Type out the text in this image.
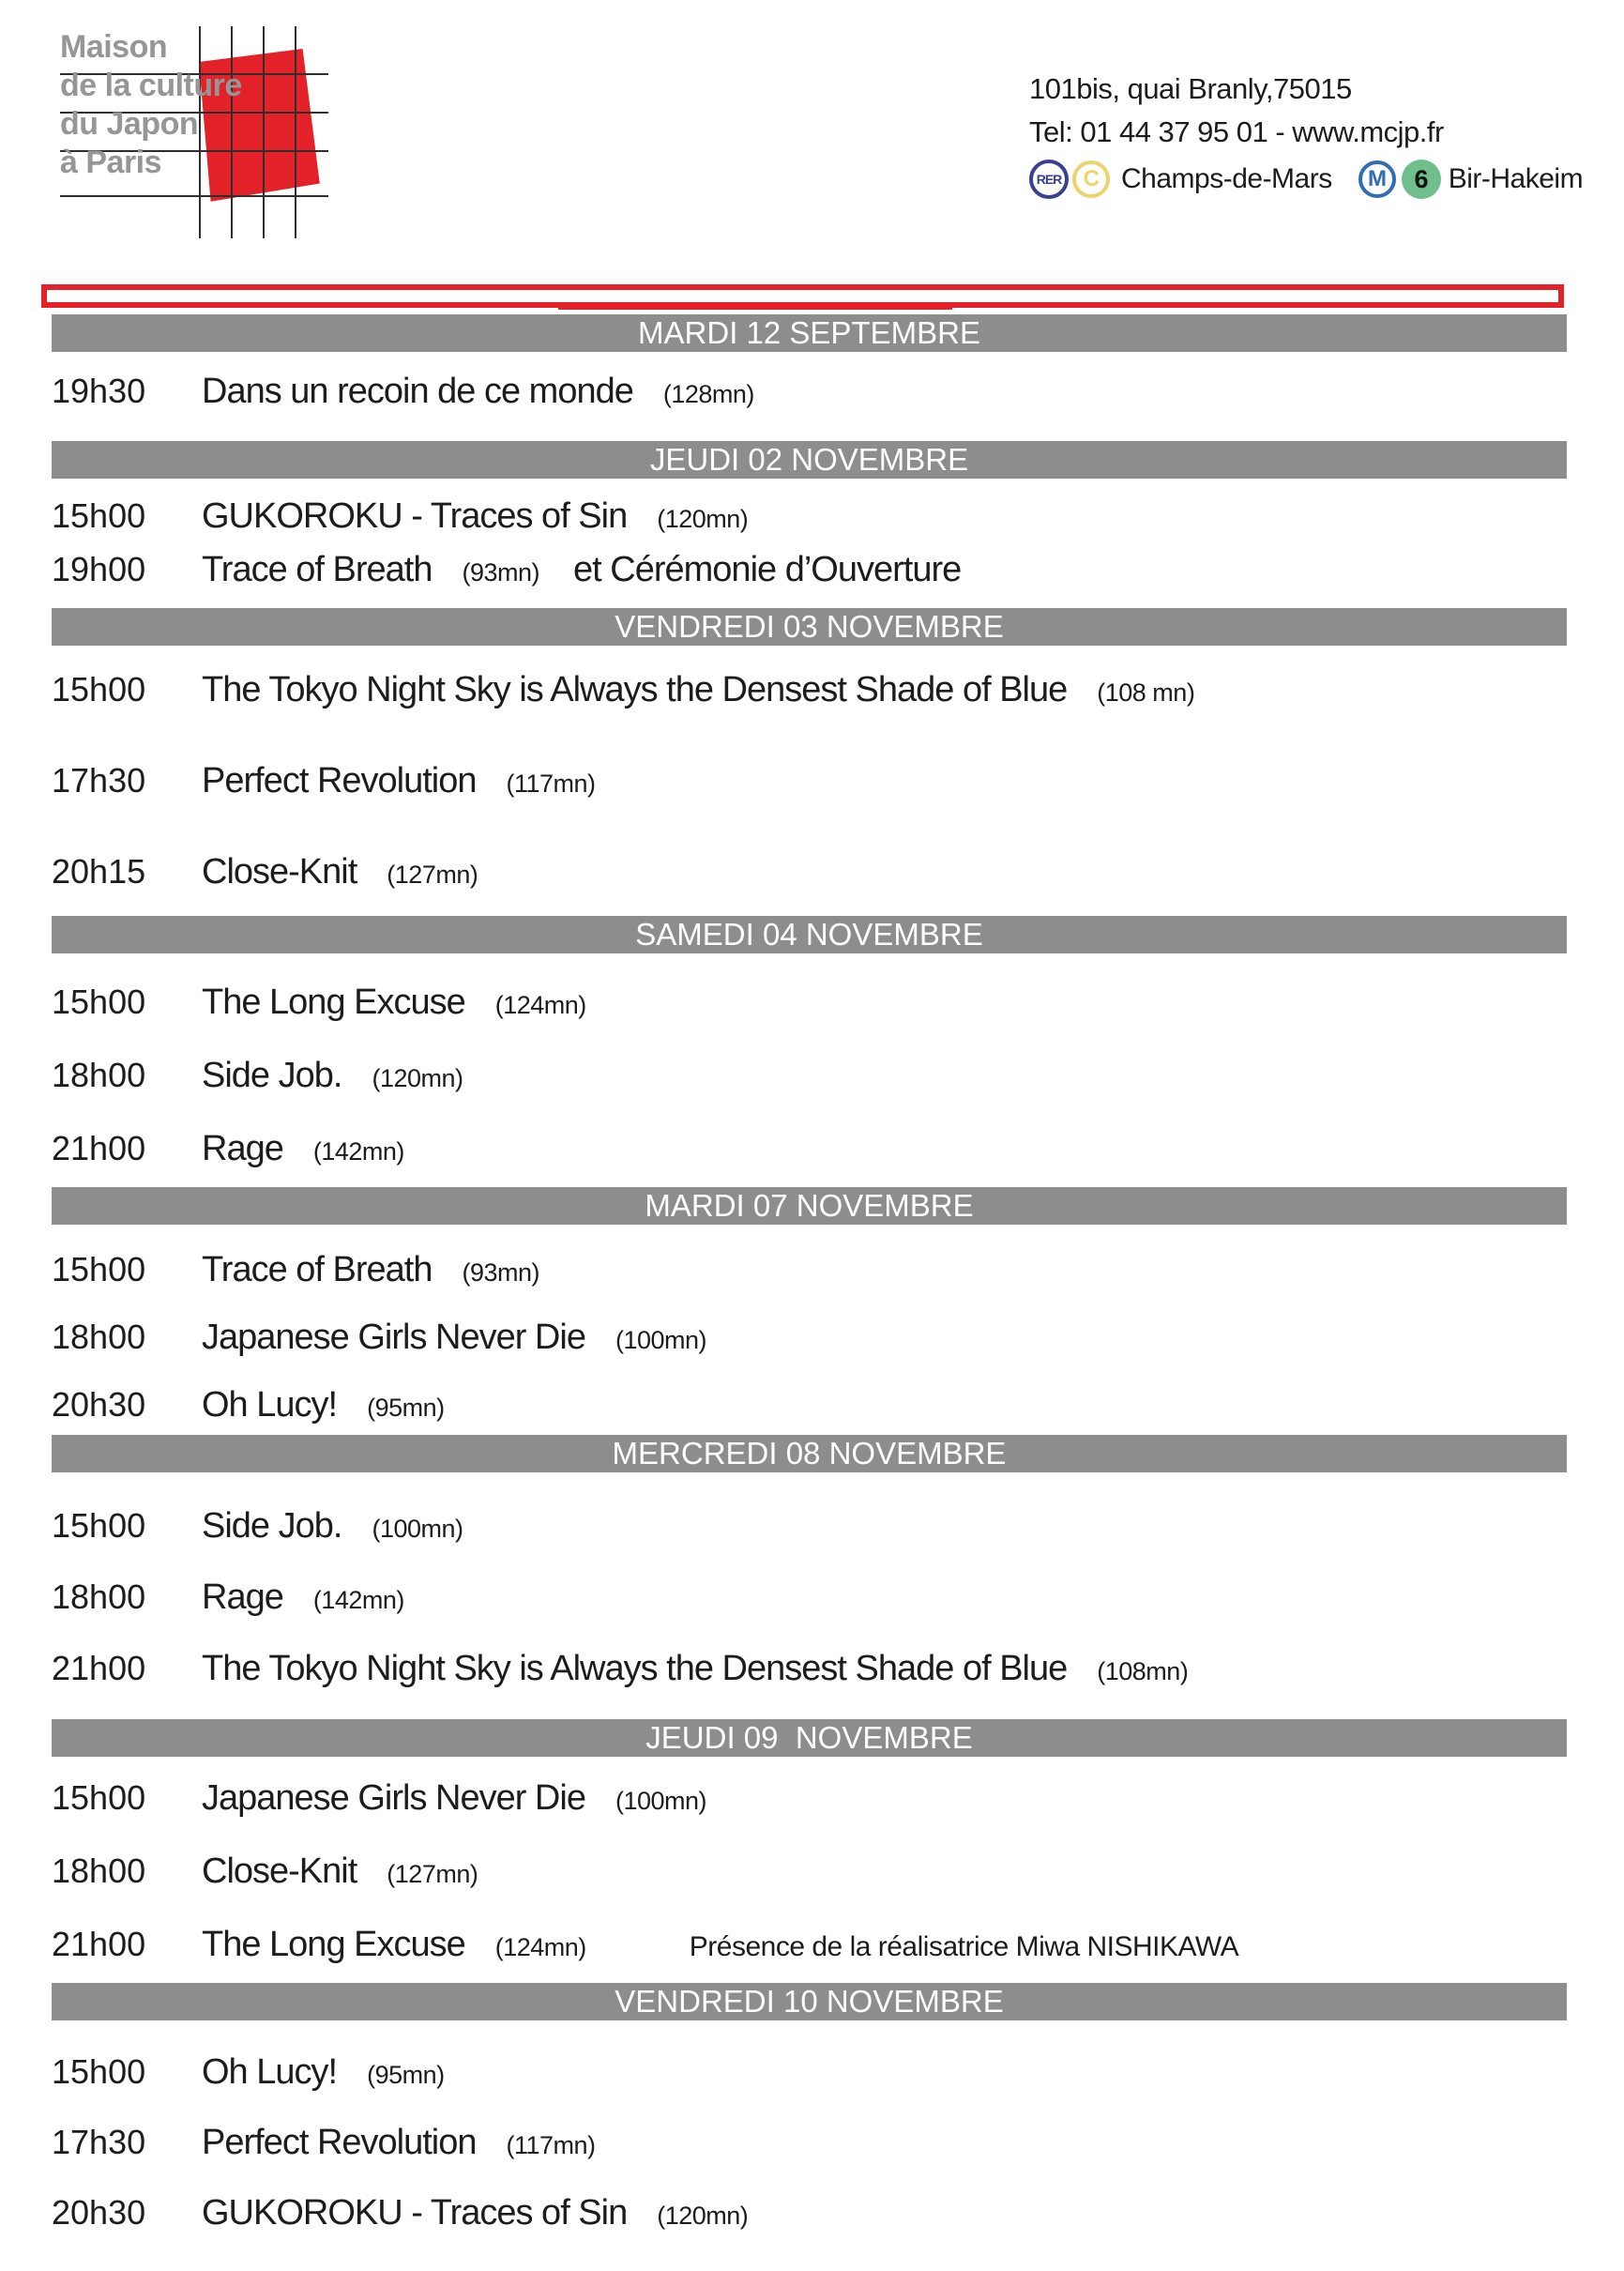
Maison
de la culture
du Japon
à Paris
101bis, quai Branly,75015
Tel: 01 44 37 95 01 - www.mcjp.fr
RER C Champs-de-Mars	M	6 Bir-Hakeim
MARDI 12 SEPTEMBRE
19h30	Dans un recoin de ce monde (128mn)
JEUDI 02 NOVEMBRE
15h00	GUKOROKU - Traces of Sin (120mn)
19h00	Trace of Breath (93mn) et Cérémonie d’Ouverture
VENDREDI 03 NOVEMBRE
15h00	The Tokyo Night Sky is Always the Densest Shade of Blue (108 mn)
17h30	Perfect Revolution (117mn)
20h15	Close-Knit (127mn)
SAMEDI 04 NOVEMBRE
15h00	The Long Excuse (124mn)
18h00	Side Job. (120mn)
21h00	Rage (142mn)
MARDI 07 NOVEMBRE
15h00	Trace of Breath (93mn)
18h00	Japanese Girls Never Die (100mn)
20h30	Oh Lucy! (95mn)
MERCREDI 08 NOVEMBRE
15h00	Side Job. (100mn)
18h00	Rage (142mn)
21h00	The Tokyo Night Sky is Always the Densest Shade of Blue (108mn)
JEUDI 09  NOVEMBRE
15h00	Japanese Girls Never Die (100mn)
18h00	Close-Knit (127mn)
21h00	The Long Excuse (124mn)	Présence de la réalisatrice Miwa NISHIKAWA
VENDREDI 10 NOVEMBRE
15h00	Oh Lucy! (95mn)
17h30	Perfect Revolution (117mn)
20h30	GUKOROKU - Traces of Sin (120mn)
